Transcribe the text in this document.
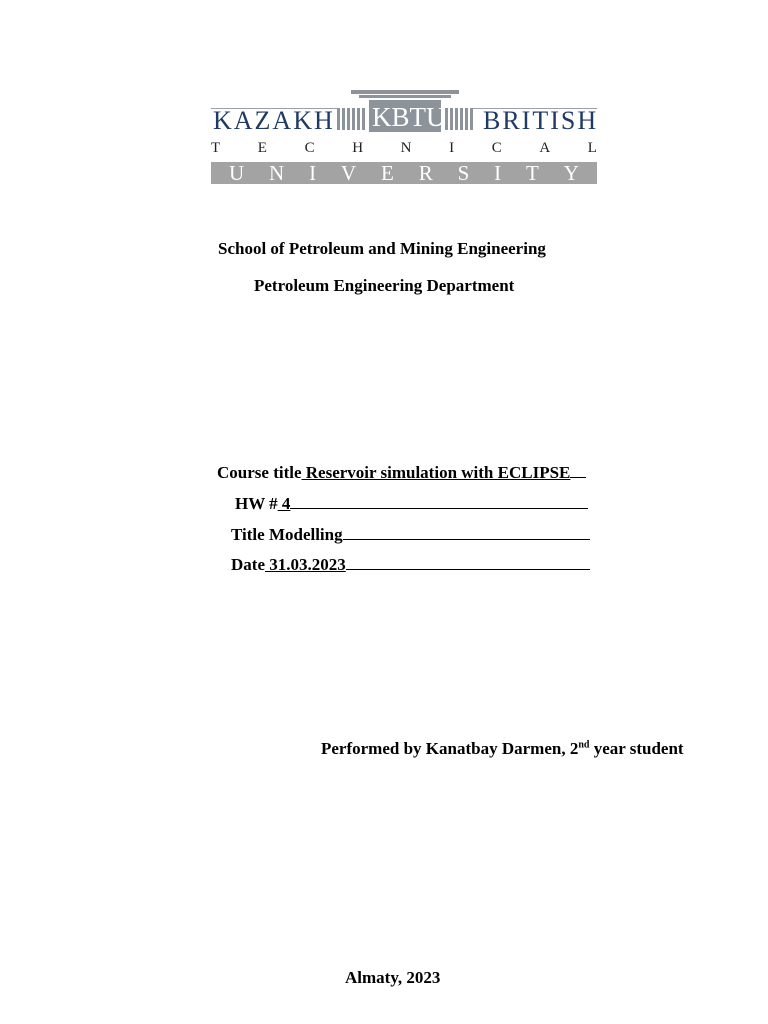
KAZAKH KBTU BRITISH
T	E	C	H	N	I	C	A	L
U N I V E R S I T Y
School of Petroleum and Mining Engineering
Petroleum Engineering Department
Course title Reservoir simulation with ECLIPSE
HW # 4
Title Modelling
Date 31.03.2023
Performed by Kanatbay Darmen, 2nd year student
Almaty, 2023
